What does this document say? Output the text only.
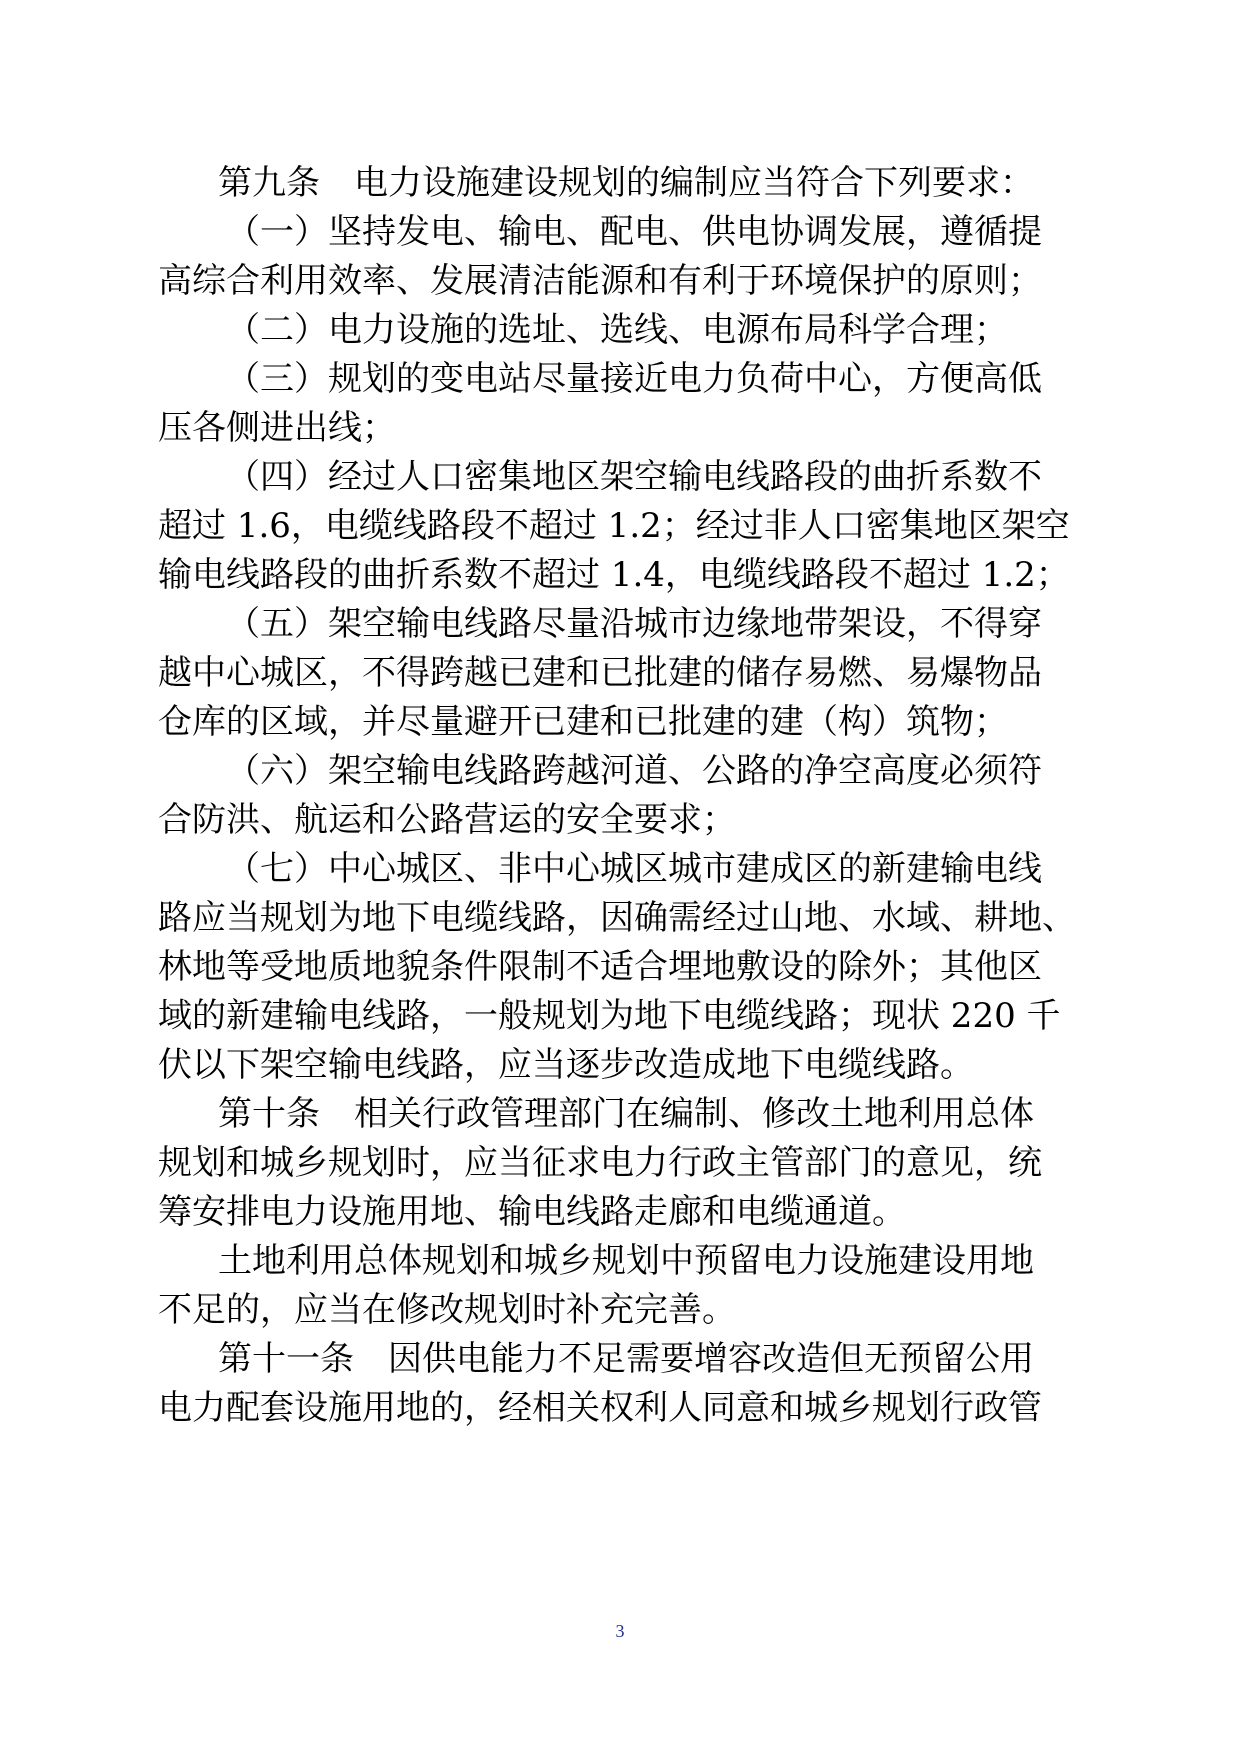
第九条　电力设施建设规划的编制应当符合下列要求：
（一）坚持发电、输电、配电、供电协调发展，遵循提
高综合利用效率、发展清洁能源和有利于环境保护的原则；
（二）电力设施的选址、选线、电源布局科学合理；
（三）规划的变电站尽量接近电力负荷中心，方便高低
压各侧进出线；
（四）经过人口密集地区架空输电线路段的曲折系数不
超过 1.6，电缆线路段不超过 1.2；经过非人口密集地区架空
输电线路段的曲折系数不超过 1.4，电缆线路段不超过 1.2；
（五）架空输电线路尽量沿城市边缘地带架设，不得穿
越中心城区，不得跨越已建和已批建的储存易燃、易爆物品
仓库的区域，并尽量避开已建和已批建的建（构）筑物；
（六）架空输电线路跨越河道、公路的净空高度必须符
合防洪、航运和公路营运的安全要求；
（七）中心城区、非中心城区城市建成区的新建输电线
路应当规划为地下电缆线路，因确需经过山地、水域、耕地、
林地等受地质地貌条件限制不适合埋地敷设的除外；其他区
域的新建输电线路，一般规划为地下电缆线路；现状 220 千
伏以下架空输电线路，应当逐步改造成地下电缆线路。
第十条　相关行政管理部门在编制、修改土地利用总体
规划和城乡规划时，应当征求电力行政主管部门的意见，统
筹安排电力设施用地、输电线路走廊和电缆通道。
土地利用总体规划和城乡规划中预留电力设施建设用地
不足的，应当在修改规划时补充完善。
第十一条　因供电能力不足需要增容改造但无预留公用
电力配套设施用地的，经相关权利人同意和城乡规划行政管
3
